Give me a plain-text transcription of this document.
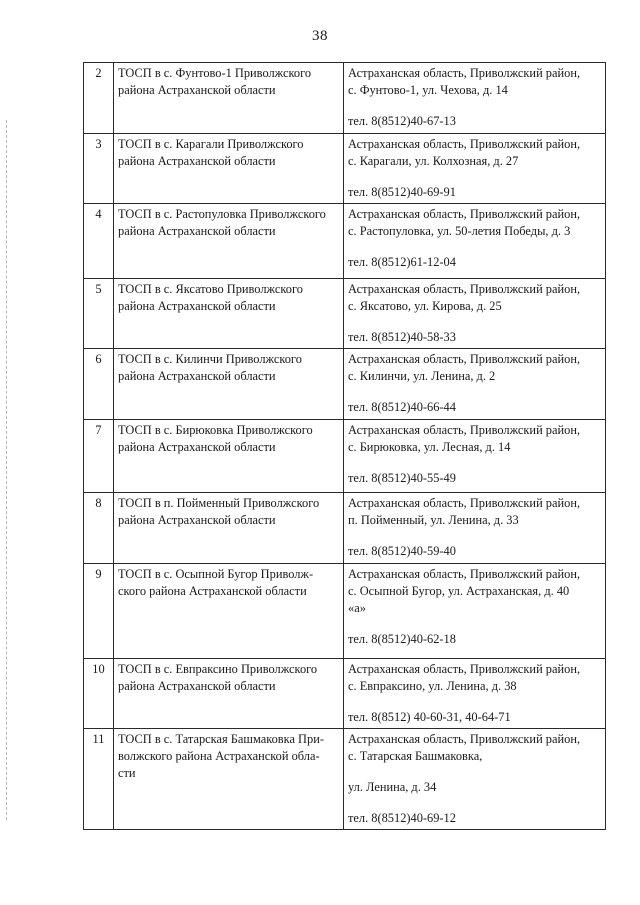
38
2	ТОСП в с. Фунтово-1 Приволжского
района Астраханской области	Астраханская область, Приволжский район,
с. Фунтово-1, ул. Чехова, д. 14
тел. 8(8512)40-67-13

3	ТОСП в с. Карагали Приволжского
района Астраханской области	Астраханская область, Приволжский район,
с. Карагали, ул. Колхозная, д. 27
тел. 8(8512)40-69-91

4	ТОСП в с. Растопуловка Приволжского
района Астраханской области	Астраханская область, Приволжский район,
с. Растопуловка, ул. 50-летия Победы, д. 3
тел. 8(8512)61-12-04

5	ТОСП в с. Яксатово Приволжского
района Астраханской области	Астраханская область, Приволжский район,
с. Яксатово, ул. Кирова, д. 25
тел. 8(8512)40-58-33

6	ТОСП в с. Килинчи Приволжского
района Астраханской области	Астраханская область, Приволжский район,
с. Килинчи, ул. Ленина, д. 2
тел. 8(8512)40-66-44

7	ТОСП в с. Бирюковка Приволжского
района Астраханской области	Астраханская область, Приволжский район,
с. Бирюковка, ул. Лесная, д. 14
тел. 8(8512)40-55-49

8	ТОСП в п. Пойменный Приволжского
района Астраханской области	Астраханская область, Приволжский район,
п. Пойменный, ул. Ленина, д. 33
тел. 8(8512)40-59-40

9	ТОСП в с. Осыпной Бугор Приволж-
ского района Астраханской области	Астраханская область, Приволжский район,
с. Осыпной Бугор, ул. Астраханская, д. 40
«а»
тел. 8(8512)40-62-18

10	ТОСП в с. Евпраксино Приволжского
района Астраханской области	Астраханская область, Приволжский район,
с. Евпраксино, ул. Ленина, д. 38
тел. 8(8512) 40-60-31, 40-64-71

11	ТОСП в с. Татарская Башмаковка При-
волжского района Астраханской обла-
сти	Астраханская область, Приволжский район,
с. Татарская Башмаковка,
ул. Ленина, д. 34
тел. 8(8512)40-69-12
